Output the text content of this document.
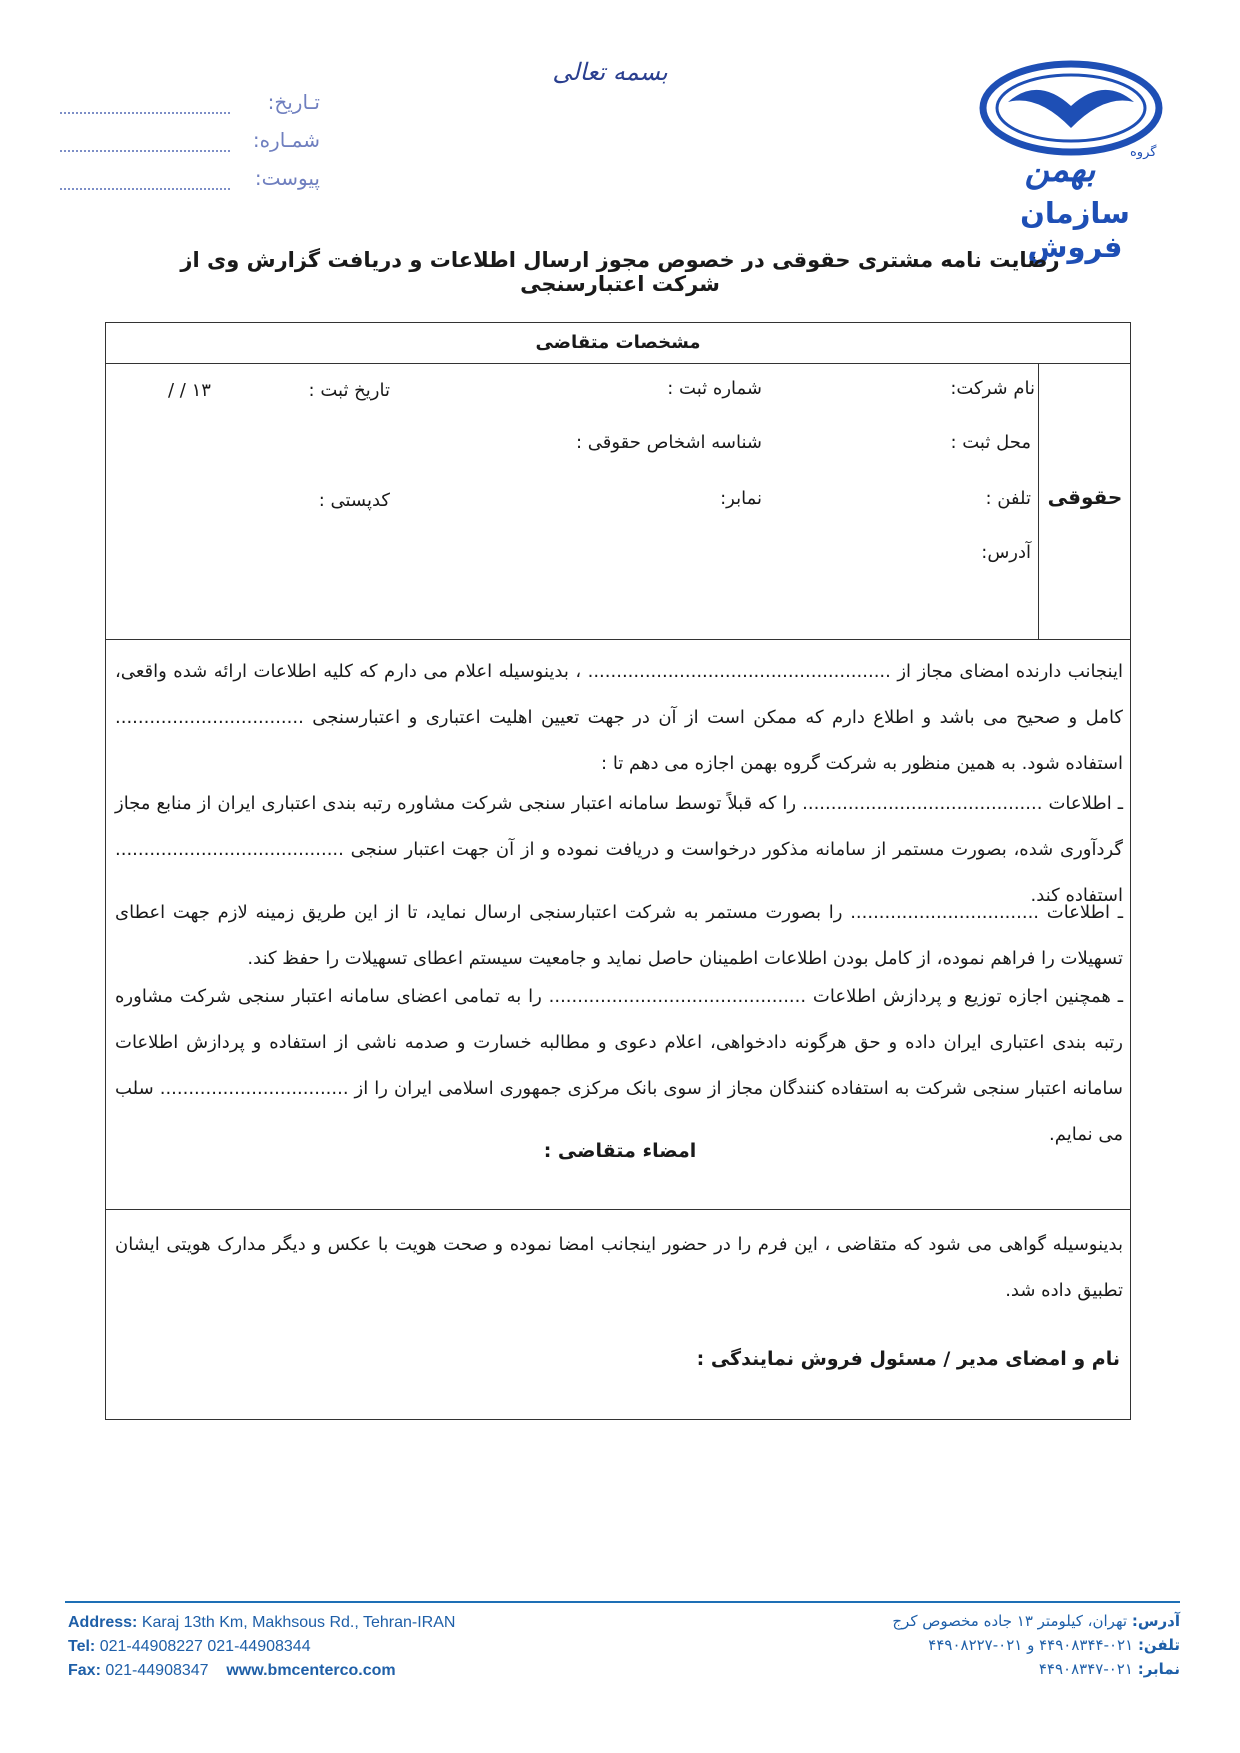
بسمه تعالی
تـاریخ:
شمـاره:
پیوست:
گروه
بهمن
سازمان فروش
رضایت نامه مشتری حقوقی در خصوص مجوز ارسال اطلاعات و دریافت گزارش وی از شرکت اعتبارسنجی
مشخصات متقاضی
حقوقی
نام شرکت:
شماره ثبت :
تاریخ ثبت :
/ / ۱۳
محل ثبت :
شناسه اشخاص حقوقی :
تلفن :
نمابر:
کدپستی :
آدرس:
اینجانب دارنده امضای مجاز از ..................................................... ، بدینوسیله اعلام می دارم که کلیه اطلاعات ارائه شده واقعی، کامل و صحیح می باشد و اطلاع دارم که ممکن است از آن در جهت تعیین اهلیت اعتباری و اعتبارسنجی ................................. استفاده شود. به همین منظور به شرکت گروه بهمن اجازه می دهم تا :
ـ اطلاعات .......................................... را که قبلاً توسط سامانه اعتبار سنجی شرکت مشاوره رتبه بندی اعتباری ایران از منابع مجاز گردآوری شده، بصورت مستمر از سامانه مذکور درخواست و دریافت نموده و از آن جهت اعتبار سنجی ........................................ استفاده کند.
ـ اطلاعات ................................. را بصورت مستمر به شرکت اعتبارسنجی ارسال نماید، تا از این طریق زمینه لازم جهت اعطای تسهیلات را فراهم نموده، از کامل بودن اطلاعات اطمینان حاصل نماید و جامعیت سیستم اعطای تسهیلات را حفظ کند.
ـ همچنین اجازه توزیع و پردازش اطلاعات ............................................. را به تمامی اعضای سامانه اعتبار سنجی شرکت مشاوره رتبه بندی اعتباری ایران داده و حق هرگونه دادخواهی، اعلام دعوی و مطالبه خسارت و صدمه ناشی از استفاده و پردازش اطلاعات سامانه اعتبار سنجی شرکت به استفاده کنندگان مجاز از سوی بانک مرکزی جمهوری اسلامی ایران را از ................................. سلب می نمایم.
امضاء متقاضی :
بدینوسیله گواهی می شود که متقاضی ، این فرم را در حضور اینجانب امضا نموده و صحت هویت با عکس و دیگر مدارک هویتی ایشان تطبیق داده شد.
نام و امضای مدیر / مسئول فروش نمایندگی :
Address: Karaj 13th Km, Makhsous Rd., Tehran-IRAN
Tel: 021-44908227 021-44908344
Fax: 021-44908347 www.bmcenterco.com
آدرس: تهران، کیلومتر ۱۳ جاده مخصوص کرج
تلفن: ۰۲۱-۴۴۹۰۸۳۴۴ و ۰۲۱-۴۴۹۰۸۲۲۷
نمابر: ۰۲۱-۴۴۹۰۸۳۴۷
